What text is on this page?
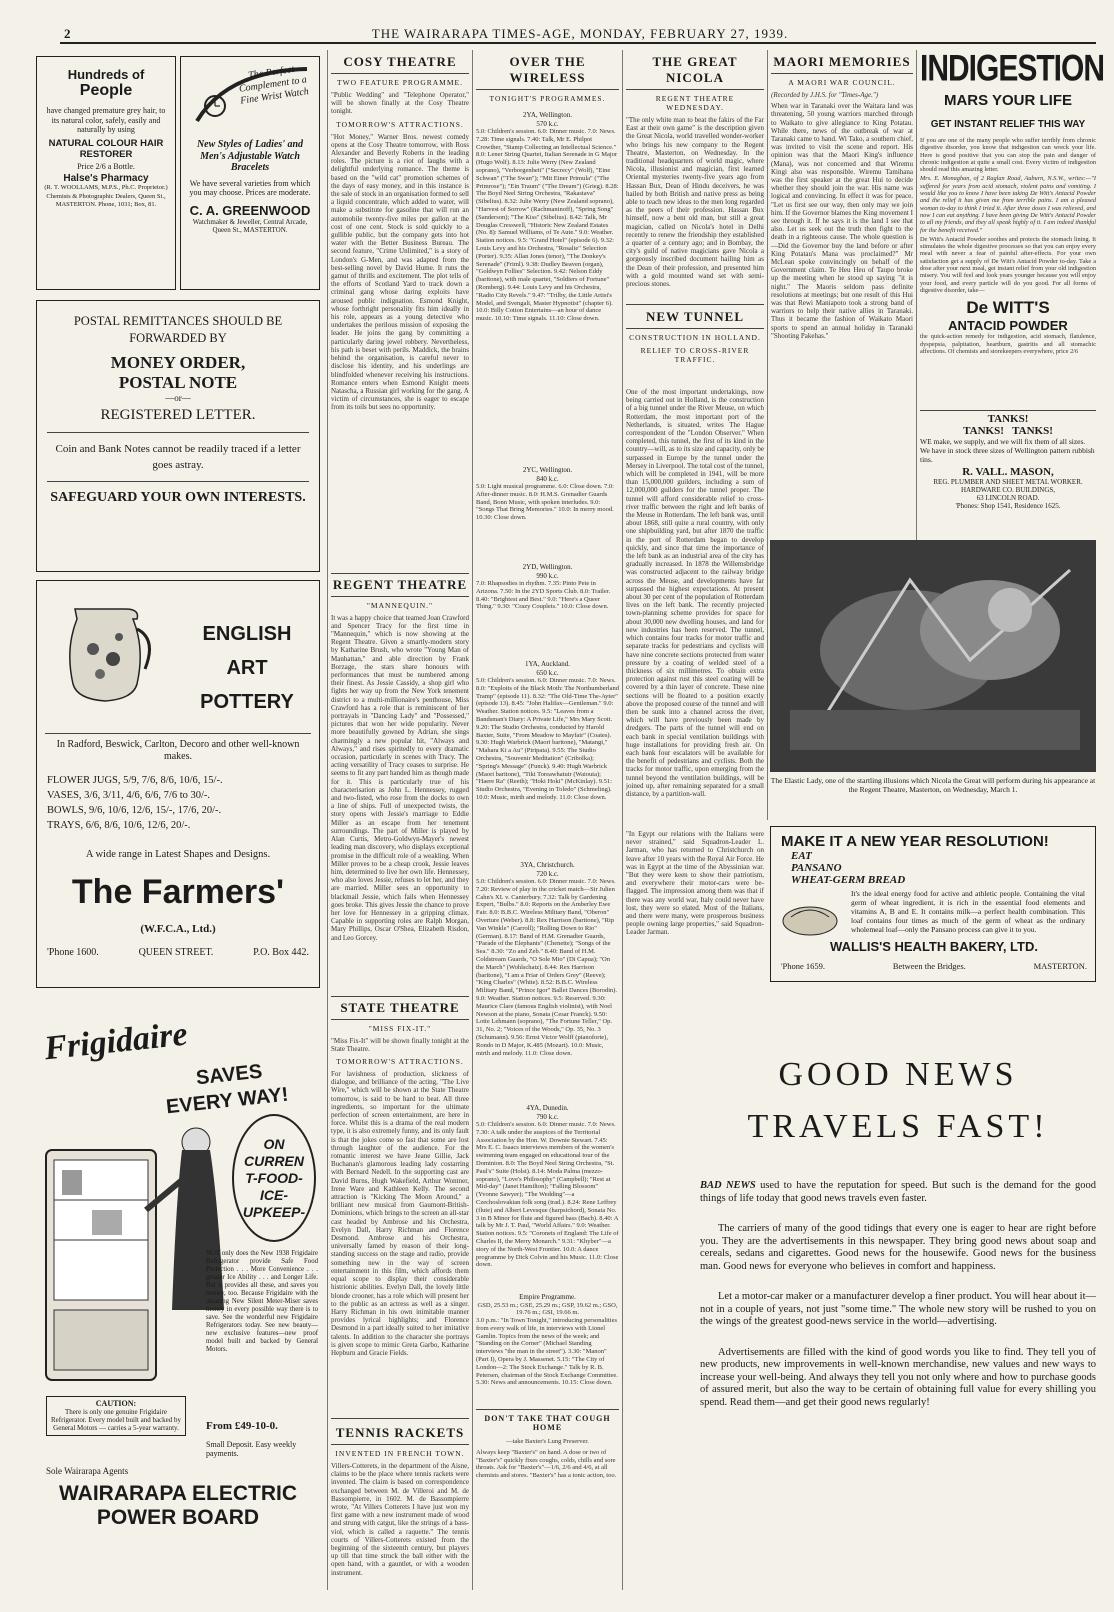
2	THE WAIRARAPA TIMES-AGE, MONDAY, FEBRUARY 27, 1939.
Hundreds of
People
have changed premature grey hair, to its natural color, safely, easily and naturally by using
NATURAL COLOUR HAIR RESTORER
Price 2/6 a Bottle.
Halse's Pharmacy
(R. T. WOOLLAMS, M.P.S., Ph.C. Proprietor.)
Chemists & Photographic Dealers, Queen St., MASTERTON. Phone, 1031; Box, 81.
The Perfect Complement to a Fine Wrist Watch
New Styles of Ladies' and Men's Adjustable Watch Bracelets
We have several varieties from which you may choose. Prices are moderate.
C. A. GREENWOOD
Watchmaker & Jeweller, Central Arcade, Queen St., MASTERTON.
POSTAL REMITTANCES SHOULD BE FORWARDED BY
MONEY ORDER,
POSTAL NOTE
—or—
REGISTERED LETTER.
Coin and Bank Notes cannot be readily traced if a letter goes astray.
SAFEGUARD YOUR OWN INTERESTS.
ENGLISH
ART
POTTERY
In Radford, Beswick, Carlton, Decoro and other well-known makes.
FLOWER JUGS, 5/9, 7/6, 8/6, 10/6, 15/-.
VASES, 3/6, 3/11, 4/6, 6/6, 7/6 to 30/-.
BOWLS, 9/6, 10/6, 12/6, 15/-, 17/6, 20/-.
TRAYS, 6/6, 8/6, 10/6, 12/6, 20/-.
A wide range in Latest Shapes and Designs.
The Farmers'
(W.F.C.A., Ltd.)
'Phone 1600.	QUEEN STREET.	P.O. Box 442.
Frigidaire
SAVES
EVERY WAY!
ON CURRENT-FOOD-ICE-UPKEEP-
NOT only does the New 1938 Frigidaire Refrigerator provide Safe Food Protection . . . More Convenience . . . greater Ice Ability . . . and Longer Life. But it provides all these, and saves you money, too. Because Frigidaire with the amazing New Silent Meter-Miser saves money in every possible way there is to save. See the wonderful new Frigidaire Refrigerators today. See new beauty—new exclusive features—new proof model built and backed by General Motors.
CAUTION:
There is only one genuine Frigidaire Refrigerator. Every model built and backed by General Motors — carries a 5-year warranty. From £49-10-0.
Small Deposit. Easy weekly payments.
Sole Wairarapa Agents
WAIRARAPA ELECTRIC
POWER BOARD
COSY THEATRE
TWO FEATURE PROGRAMME.
"Public Wedding" and "Telephone Operator," will be shown finally at the Cosy Theatre tonight.
TOMORROW'S ATTRACTIONS.
"Hot Money," Warner Bros. newest comedy opens at the Cosy Theatre tomorrow, with Ross Alexander and Beverly Roberts in the leading roles. The picture is a riot of laughs with a delightful underlying romance. The theme is based on the "wild cat" promotion schemes of the days of easy money, and in this instance is the sale of stock in an organisation formed to sell a liquid concentrate, which added to water, will make a substitute for gasoline that will run an automobile twenty-five miles per gallon at the cost of one cent. Stock is sold quickly to a gullible public, but the company gets into hot water with the Better Business Bureau. The second feature, "Crime Unlimited," is a story of London's G-Men, and was adapted from the best-selling novel by David Hume. It runs the gamut of thrills and excitement. The plot tells of the efforts of Scotland Yard to track down a criminal gang whose daring exploits have aroused public indignation. Esmond Knight, whose forthright personality fits him ideally in his role, appears as a young detective who undertakes the perilous mission of exposing the leader. He joins the gang by committing a particularly daring jewel robbery. Nevertheless, his path is beset with perils. Maddick, the brains behind the organisation, is careful never to disclose his identity, and his underlings are blindfolded whenever receiving his instructions. Romance enters when Esmond Knight meets Natascha, a Russian girl working for the gang. A victim of circumstances, she is eager to escape from its toils but sees no opportunity.
REGENT THEATRE
"MANNEQUIN."
It was a happy choice that teamed Joan Crawford and Spencer Tracy for the first time in "Mannequin," which is now showing at the Regent Theatre. Given a smartly-modern story by Katharine Brush, who wrote "Young Man of Manhattan," and able direction by Frank Borzage, the stars share honours with performances that must be numbered among their finest. As Jessie Cassidy, a shop girl who fights her way up from the New York tenement district to a multi-millionaire's penthouse, Miss Crawford has a role that is reminiscent of her portrayals in "Dancing Lady" and "Possessed," pictures that won her wide popularity. Never more beautifully gowned by Adrian, she sings charmingly a new popular hit, "Always and Always," and rises spiritedly to every dramatic occasion, particularly in scenes with Tracy. The acting versatility of Tracy ceases to surprise. He seems to fit any part handed him as though made for it. This is particularly true of his characterisation as John L. Hennessey, rugged and two-fisted, who rose from the docks to own a line of ships. Full of unexpected twists, the story opens with Jessie's marriage to Eddie Miller as an escape from her tenement surroundings. The part of Miller is played by Alan Curtis, Metro-Goldwyn-Mayer's newest leading man discovery, who displays exceptional promise in the difficult role of a weakling. When Miller proves to be a cheap crook, Jessie leaves him, determined to live her own life. Hennessey, who also loves Jessie, refuses to let her, and they are married. Miller sees an opportunity to blackmail Jessie, which fails when Hennessey goes broke. This gives Jessie the chance to prove her love for Hennessey in a gripping climax. Capable in supporting roles are Ralph Morgan, Mary Phillips, Oscar O'Shea, Elizabeth Risdon, and Leo Gorcey.
STATE THEATRE
"MISS FIX-IT."
"Miss Fix-It" will be shown finally tonight at the State Theatre.
TOMORROW'S ATTRACTIONS.
For lavishness of production, slickness of dialogue, and brilliance of the acting, "The Live Wire," which will be shown at the State Theatre tomorrow, is said to be hard to beat. All three ingredients, so important for the ultimate perfection of screen entertainment, are here in force. Whilst this is a drama of the real modern type, it is also extremely funny, and its only fault is that the jokes come so fast that some are lost through laughter of the audience. For the romantic interest we have Jeane Gillie, Jack Buchanan's glamorous leading lady costarring with Bernard Nedell. In the supporting cast are David Burns, Hugh Wakefield, Arthur Wontner, Irene Ware and Kathleen Kelly. The second attraction is "Kicking The Moon Around," a brilliant new musical from Gaumont-British-Dominions, which brings to the screen an all-star cast headed by Ambrose and his Orchestra, Evelyn Dall, Harry Richman and Florence Desmond. Ambrose and his Orchestra, universally famed by reason of their long-standing success on the stage and radio, provide something new in the way of screen entertainment in this film, which affords them equal scope to display their considerable histrionic abilities. Evelyn Dall, the lovely little blonde crooner, has a role which will present her to the public as an actress as well as a singer. Harry Richman in his own inimitable manner provides lyrical highlights; and Florence Desmond in a part ideally suited to her imitative talents. In addition to the character she portrays is given scope to mimic Greta Garbo, Katharine Hepburn and Gracie Fields.
TENNIS RACKETS
INVENTED IN FRENCH TOWN.
Villers-Cotterets, in the department of the Aisne, claims to be the place where tennis rackets were invented. The claim is based on correspondence exchanged between M. de Villeroi and M. de Bassompierre, in 1602. M. de Bassompierre wrote, "At Villers Cotterets I have just won my first game with a new instrument made of wood and strung with catgut, like the strings of a bass-viol, which is called a raquette." The tennis courts of Villers-Cotterets existed from the beginning of the sixteenth century, but players up till that time struck the ball either with the open hand, with a gauntlet, or with a wooden instrument.
OVER THE WIRELESS
TONIGHT'S PROGRAMMES.
2YA, Wellington.
570 k.c.
5.0: Children's session. 6.0: Dinner music. 7.0: News. 7.28: Time signals. 7.40: Talk, Mr E. Philpot Crowther, "Stamp Collecting an Intellectual Science." 8.0: Lener String Quartet, Italian Serenade in G Major (Hugo Wolf). 8.13: Julie Werry (New Zealand soprano), "Verborgenheit" ("Secrecy" (Wolf), "Eine Schwan" ("The Swan"); "Mit Einer Primula" ("The Primrose"); "Ein Traum" ("The Dream") (Grieg). 8.28: The Boyd Neel String Orchestra, "Rakastava" (Sibelius). 8.32: Julie Werry (New Zealand soprano), "Harvest of Sorrow" (Rachmaninoff), "Spring Song" (Sanderson); "The Kiss" (Sibelius). 8.42: Talk, Mr Douglas Cresswell, "Historic New Zealand Estates (No. 8): Samuel Williams, of Te Aute." 9.0: Weather. Station notices. 9.5: "Grand Hotel" (episode 6). 9.32: Louis Levy and his Orchestra, "Rosalie" Selection (Porter). 9.35: Allan Jones (tenor), "The Donkey's Serenade" (Friml). 9.38: Dudley Beaven (organ), "Goldwyn Follies" Selection. 9.42: Nelson Eddy (baritone), with male quartet, "Soldiers of Fortune" (Romberg). 9.44: Louis Levy and his Orchestra, "Radio City Revels." 9.47: "Trilby, the Little Artist's Model, and Svengali, Master Hypnotist" (chapter 6). 10.0: Billy Cotton Entertains—an hour of dance music. 10.10: Time signals. 11.10: Close down.
2YC, Wellington.
840 k.c.
5.0: Light musical programme. 6.0: Close down. 7.0: After-dinner music. 8.0: H.M.S. Grenadier Guards Band, Bonn Music, with spoken interludes. 9.0: "Songs That Bring Memories." 10.0: In merry mood. 10.30: Close down.
2YD, Wellington.
990 k.c.
7.0: Rhapsodies in rhythm. 7.35: Pinto Pete in Arizona. 7.50: In the 2YD Sports Club. 8.0: Trailer. 8.40: "Brightest and Best." 9.0: "Here's a Queer Thing." 9.30: "Crazy Couplets." 10.0: Close down.
1YA, Auckland.
650 k.c.
5.0: Children's session. 6.0: Dinner music. 7.0: News. 8.0: "Exploits of the Black Moth: The Northumberland Tramp" (episode 11). 8.32: "The Old-Time The-Ayter" (episode 13). 8.45: "John Halifax—Gentleman." 9.0: Weather. Station notices. 9.5: "Leaves from a Bandsman's Diary: A Private Life," Mrs Mary Scott. 9.20: The Studio Orchestra, conducted by Harold Baxter, Suite, "From Meadow to Mayfair" (Coates). 9.30: Hugh Warbrick (Maori baritone), "Matangi," "Mahara Ki a Au" (Piripata). 9.55: The Studio Orchestra, "Souvenir Meditation" (Cribolka); "Spring's Message" (Funck). 9.40: Hugh Warbrick (Maori baritone), "Tiki Toreawhatuir (Waiouta); "Haere Ra" (Reeth); "Hoki Hoki" (McKinlay). 9.51: Studio Orchestra, "Evening in Toledo" (Schmeling). 10.0: Music, mirth and melody. 11.0: Close down.
3YA, Christchurch.
720 k.c.
5.0: Children's session. 6.0: Dinner music. 7.0: News. 7.20: Review of play in the cricket match—Sir Julien Cahn's XI. v. Canterbury. 7.32: Talk by Gardening Expert, "Bulbs." 8.0: Reports on the Amberley Ewe Fair. 8.0: B.B.C. Wireless Military Band, "Oberon" Overture (Weber). 8.8: Rex Harrison (baritone), "Rip Van Winkle" (Carroll); "Rolling Down to Rio" (German). 8.17: Band of H.M. Grenadier Guards, "Parade of the Elephants" (Chenette); "Songs of the Sea." 8.30: "Zo and Zeb." 8.40: Band of H.M. Coldstream Guards, "O Sole Mio" (Di Capua); "On the March" (Wohlschatz). 8.44: Rex Harrison (baritone), "I am a Friar of Orders Grey" (Reeve); "King Charles" (White). 8.52: B.B.C. Wireless Military Band, "Prince Igor" Ballet Dances (Borodin). 9.0: Weather. Station notices. 9.5: Reserved. 9.30: Maurice Clare (famous English violinist), with Noel Newson at the piano, Sonata (Cesar Franck). 9.50: Lotte Lehmann (soprano), "The Fortune Teller," Op. 31, No. 2; "Voices of the Woods," Op. 35, No. 3 (Schumann). 9.56: Ernst Victor Wolff (pianoforte), Rondo in D Major, K.485 (Mozart). 10.0: Music, mirth and melody. 11.0: Close down.
4YA, Dunedin.
790 k.c.
5.0: Children's session. 6.0: Dinner music. 7.0: News. 7.30: A talk under the auspices of the Territorial Association by the Hon. W. Downie Stewart. 7.45: Mrs E. C. Isaacs interviews members of the women's swimming team engaged on educational tour of the Dominion. 8.0: The Boyd Neel String Orchestra, "St. Paul's" Suite (Holst). 8.14: Moda Palma (mezzo-soprano), "Love's Philosophy" (Campbell); "Rest at Mid-day" (Janet Hamilton); "Falling Blossom" (Yvonne Sawyer); "The Wedding"—a Czechoslovakian folk song (trad.). 8.24: Rene Leffrey (flute) and Albert Levesque (harpsichord), Sonata No. 3 in B Minor for flute and figured bass (Bach). 8.40: A talk by Mr J. T. Paul, "World Affairs." 9.0: Weather. Station notices. 9.5: "Coronets of England: The Life of Charles II, the Merry Monarch." 9.31: "Khyber"—a story of the North-West Frontier. 10.0: A dance programme by Dick Colvin and his Music. 11.0: Close down.
Empire Programme.
GSD, 25.53 m.; GSE, 25.29 m.; GSP, 19.62 m.; GSO, 19.76 m.; GSI, 19.66 m.
3.0 p.m.: "In Town Tonight," introducing personalities from every walk of life, in interviews with Lionel Gamlin. Topics from the news of the week; and "Standing on the Corner" (Michael Standing interviews "the man in the street"). 3.30: "Manon" (Part I), Opera by J. Massenet. 5.15: "The City of London—2: The Stock Exchange." Talk by R. B. Petersen, chairman of the Stock Exchange Committee. 5.30: News and announcements. 10.15: Close down.
DON'T TAKE THAT COUGH HOME
—take Baxter's Lung Preserver.
Always keep "Baxter's" on hand. A dose or two of "Baxter's" quickly fixes coughs, colds, chills and sore throats. Ask for "Baxter's"—1/6, 2/6 and 4/6, at all chemists and stores. "Baxter's" has a tonic action, too.
THE GREAT NICOLA
REGENT THEATRE WEDNESDAY.
"The only white man to beat the fakirs of the Far East at their own game" is the description given the Great Nicola, world travelled wonder-worker who brings his new company to the Regent Theatre, Masterton, on Wednesday. In the traditional headquarters of world magic, where Nicola, illusionist and magician, first learned Oriental mysteries twenty-five years ago from Hassan Bux, Dean of Hindu deceivers, he was hailed by both British and native press as being able to teach new ideas to the men long regarded as the peers of their profession. Hassan Bux himself, now a bent old man, but still a great magician, called on Nicola's hotel in Delhi recently to renew the friendship they established a quarter of a century ago; and in Bombay, the city's guild of native magicians gave Nicola a gorgeously inscribed document hailing him as the Dean of their profession, and presented him with a gold mounted wand set with semi-precious stones.
NEW TUNNEL
CONSTRUCTION IN HOLLAND.
RELIEF TO CROSS-RIVER TRAFFIC.
One of the most important undertakings, now being carried out in Holland, is the construction of a big tunnel under the River Meuse, on which Rotterdam, the most important port of the Netherlands, is situated, writes The Hague correspondent of the "London Observer." When completed, this tunnel, the first of its kind in the country—will, as to its size and capacity, only be surpassed in Europe by the tunnel under the Mersey in Liverpool. The total cost of the tunnel, which will be completed in 1941, will be more than 15,000,000 guilders, including a sum of 12,000,000 guilders for the tunnel proper. The tunnel will afford considerable relief to cross-river traffic between the right and left banks of the Meuse in Rotterdam. The left bank was, until about 1868, still quite a rural country, with only one shipbuilding yard, but after 1870 the traffic in the port of Rotterdam began to develop quickly, and since that time the importance of the left bank as an industrial area of the city has gradually increased. In 1878 the Willemsbridge was constructed adjacent to the railway bridge across the Meuse, and developments have far surpassed the highest expectations. At present about 30 per cent of the population of Rotterdam lives on the left bank. The recently projected town-planning scheme provides for space for about 30,000 new dwelling houses, and land for new industries has been reserved. The tunnel, which contains four tracks for motor traffic and separate tracks for pedestrians and cyclists will have nine concrete sections protected from water pressure by a coating of welded steel of a thickness of six millimetres. To obtain extra protection against rust this steel coating will be covered by a thin layer of concrete. These nine sections will be floated to a position exactly above the proposed course of the tunnel and will then be sunk into a channel across the river, which will have previously been made by dredgers. The parts of the tunnel will end on each bank in special ventilation buildings with huge installations for providing fresh air. On each bank four escalators will be available for the benefit of pedestrians and cyclists. Both the tracks for motor traffic, upon emerging from the tunnel beyond the ventilation buildings, will be joined up, after remaining separated for a small distance, by a partition-wall.
"In Egypt our relations with the Italians were never strained," said Squadron-Leader L. Jarman, who has returned to Christchurch on leave after 10 years with the Royal Air Force. He was in Egypt at the time of the Abyssinian war. "But they were keen to show their patriotism, and everywhere their motor-cars were be-flagged. The impression among them was that if there was any world war, Italy could never have lost, they were so elated. Most of the Italians, and there were many, were prosperous business people owning large properties," said Squadron-Leader Jarman.
MAORI MEMORIES
A MAORI WAR COUNCIL.
(Recorded by J.H.S. for "Times-Age.")
When war in Taranaki over the Waitara land was threatening, 50 young warriors marched through to Waikato to give allegiance to King Potatau. While there, news of the outbreak of war at Taranaki came to hand. Wi Tako, a southern chief, was invited to visit the scene and report. His opinion was that the Maori King's influence (Mana), was not concerned and that Wiremu Kingi also was responsible. Wiremu Tamihana was the first speaker at the great Hui to decide whether they should join the war. His name was logical and convincing. In effect it was for peace. "Let us first see our way, then only may we join him. If the Governor blames the King movement I see through it. If he says it is the land I see that also. Let us seek out the truth then fight to the death in a righteous cause. The whole question is—Did the Governor buy the land before or after King Potatau's Mana was proclaimed?" Mr McLean spoke convincingly on behalf of the Government claim. Te Heu Heu of Taupo broke up the meeting when he stood up saying "it is night." The Maoris seldom pass definite resolutions at meetings; but one result of this Hui was that Rewi Maniapoto took a strong band of warriors to help their native allies in Taranaki. Thus it became the fashion of Waikato Maori sports to spend an annual holiday in Taranaki "Shooting Pakehas."
The Elastic Lady, one of the startling illusions which Nicola the Great will perform during his appearance at the Regent Theatre, Masterton, on Wednesday, March 1.
INDIGESTION
MARS YOUR LIFE
GET INSTANT RELIEF THIS WAY
If you are one of the many people who suffer terribly from chronic digestive disorder, you know that indigestion can wreck your life. Here is good positive that you can stop the pain and danger of chronic indigestion at quite a small cost. Every victim of indigestion should read this amazing letter.
Mrs. E. Monaghan, of 2 Raglan Road, Auburn, N.S.W., writes:—"I suffered for years from acid stomach, violent pains and vomiting. I would like you to know I have been taking De Witt's Antacid Powder and the relief it has given me from terrible pains. I am a pleased woman to-day to think I tried it. After three doses I was relieved, and now I can eat anything. I have been giving De Witt's Antacid Powder to all my friends, and they all speak highly of it. I am indeed thankful for the benefit received."
De Witt's Antacid Powder soothes and protects the stomach lining. It stimulates the whole digestive processes so that you can enjoy every meal with never a fear of painful after-effects. For your own satisfaction get a supply of De Witt's Antacid Powder to-day. Take a dose after your next meal, get instant relief from your old indigestion misery. You will feel and look years younger because you will enjoy your food, and every particle will do you good. For all forms of digestive disorder, take—
De WITT'S
ANTACID POWDER
the quick-action remedy for indigestion, acid stomach, flatulence, dyspepsia, palpitation, heartburn, gastritis and all stomachic affections. Of chemists and storekeepers everywhere, price 2/6
TANKS!
TANKS! TANKS!
WE make, we supply, and we will fix them of all sizes.
We have in stock three sizes of Wellington pattern rubbish tins.
R. VALL. MASON,
REG. PLUMBER AND SHEET METAL WORKER.
HARDWARE CO. BUILDINGS,
63 LINCOLN ROAD.
'Phones: Shop 1541, Residence 1625.
MAKE IT A NEW YEAR RESOLUTION!
EAT
PANSANO
WHEAT-GERM BREAD
It's the ideal energy food for active and athletic people. Containing the vital germ of wheat ingredient, it is rich in the essential food elements and vitamins A, B and E. It contains milk—a perfect health combination. This loaf contains four times as much of the germ of wheat as the ordinary wholemeal loaf—only the Pansano process can give it to you.
WALLIS'S HEALTH BAKERY, LTD.
'Phone 1659.	Between the Bridges.	MASTERTON.
GOOD NEWS
TRAVELS FAST!
BAD NEWS used to have the reputation for speed. But such is the demand for the good things of life today that good news travels even faster.
The carriers of many of the good tidings that every one is eager to hear are right before you. They are the advertisements in this newspaper. They bring good news about soap and cereals, sedans and cigarettes. Good news for the housewife. Good news for the business man. Good news for everyone who believes in comfort and happiness.
Let a motor-car maker or a manufacturer develop a finer product. You will hear about it—not in a couple of years, not just "some time." The whole new story will be rushed to you on the wings of the greatest good-news service in the world—advertising.
Advertisements are filled with the kind of good words you like to find. They tell you of new products, new improvements in well-known merchandise, new values and new ways to increase your well-being. And always they tell you not only where and how to purchase goods of assured merit, but also the way to be certain of obtaining full value for every shilling you spend. Read them—and get their good news regularly!
